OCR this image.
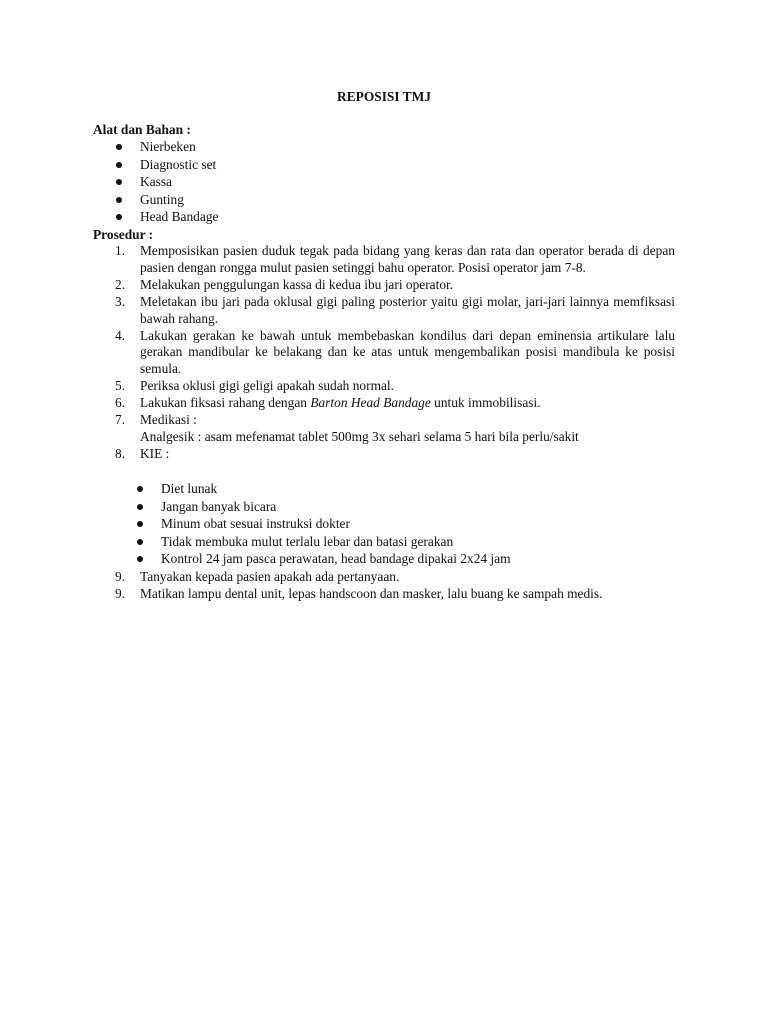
REPOSISI TMJ
Alat dan Bahan :
Nierbeken
Diagnostic set
Kassa
Gunting
Head Bandage
Prosedur :
1. Memposisikan pasien duduk tegak pada bidang yang keras dan rata dan operator berada di depan pasien dengan rongga mulut pasien setinggi bahu operator. Posisi operator jam 7-8.
2. Melakukan penggulungan kassa di kedua ibu jari operator.
3. Meletakan ibu jari pada oklusal gigi paling posterior yaitu gigi molar, jari-jari lainnya memfiksasi bawah rahang.
4. Lakukan gerakan ke bawah untuk membebaskan kondilus dari depan eminensia artikulare lalu gerakan mandibular ke belakang dan ke atas untuk mengembalikan posisi mandibula ke posisi semula.
5. Periksa oklusi gigi geligi apakah sudah normal.
6. Lakukan fiksasi rahang dengan Barton Head Bandage untuk immobilisasi.
7. Medikasi :
Analgesik : asam mefenamat tablet 500mg 3x sehari selama 5 hari bila perlu/sakit
8. KIE :
Diet lunak
Jangan banyak bicara
Minum obat sesuai instruksi dokter
Tidak membuka mulut terlalu lebar dan batasi gerakan
Kontrol 24 jam pasca perawatan, head bandage dipakai 2x24 jam
9. Tanyakan kepada pasien apakah ada pertanyaan.
9. Matikan lampu dental unit, lepas handscoon dan masker, lalu buang ke sampah medis.
